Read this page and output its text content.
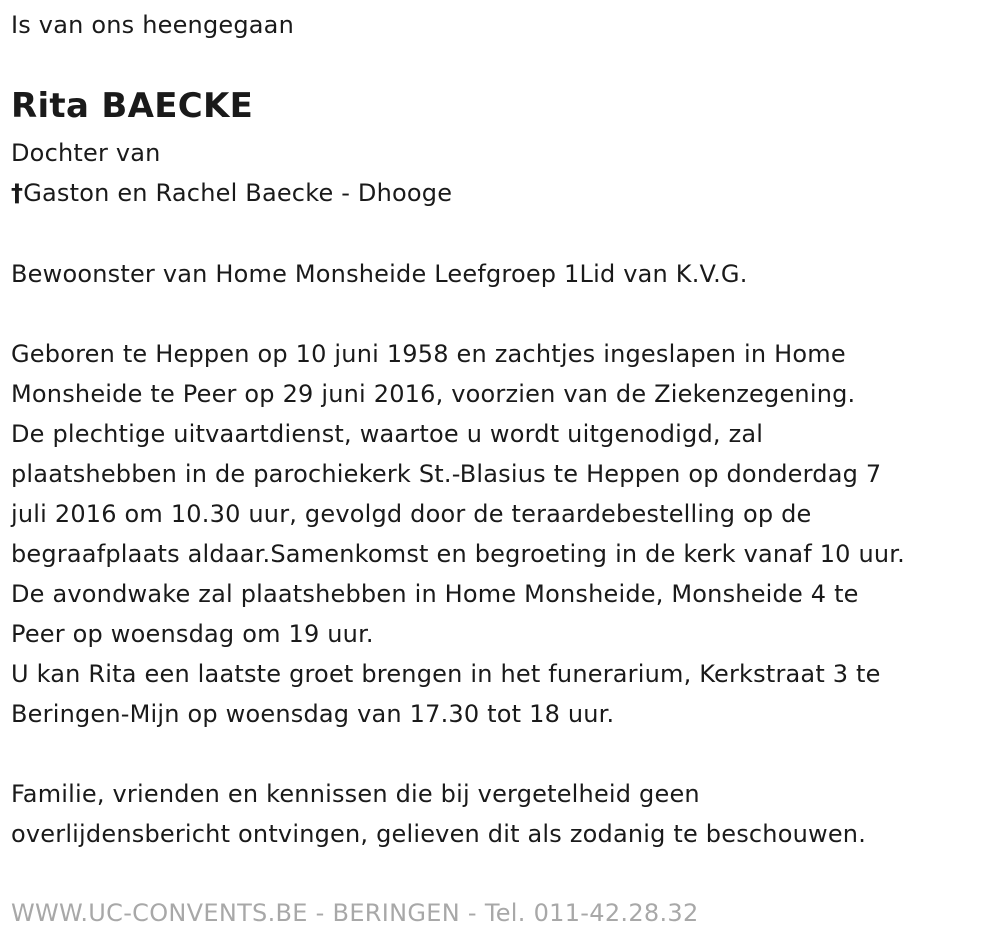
Is van ons heengegaan
Rita BAECKE
Dochter van
†Gaston en Rachel Baecke - Dhooge
Bewoonster van Home Monsheide Leefgroep 1Lid van K.V.G.
Geboren te Heppen op 10 juni 1958 en zachtjes ingeslapen in Home
Monsheide te Peer op 29 juni 2016, voorzien van de Ziekenzegening.
De plechtige uitvaartdienst, waartoe u wordt uitgenodigd, zal
plaatshebben in de parochiekerk St.-Blasius te Heppen op donderdag 7
juli 2016 om 10.30 uur, gevolgd door de teraardebestelling op de
begraafplaats aldaar.Samenkomst en begroeting in de kerk vanaf 10 uur.
De avondwake zal plaatshebben in Home Monsheide, Monsheide 4 te
Peer op woensdag om 19 uur.
U kan Rita een laatste groet brengen in het funerarium, Kerkstraat 3 te
Beringen-Mijn op woensdag van 17.30 tot 18 uur.
Familie, vrienden en kennissen die bij vergetelheid geen
overlijdensbericht ontvingen, gelieven dit als zodanig te beschouwen.
WWW.UC-CONVENTS.BE - BERINGEN - Tel. 011-42.28.32
